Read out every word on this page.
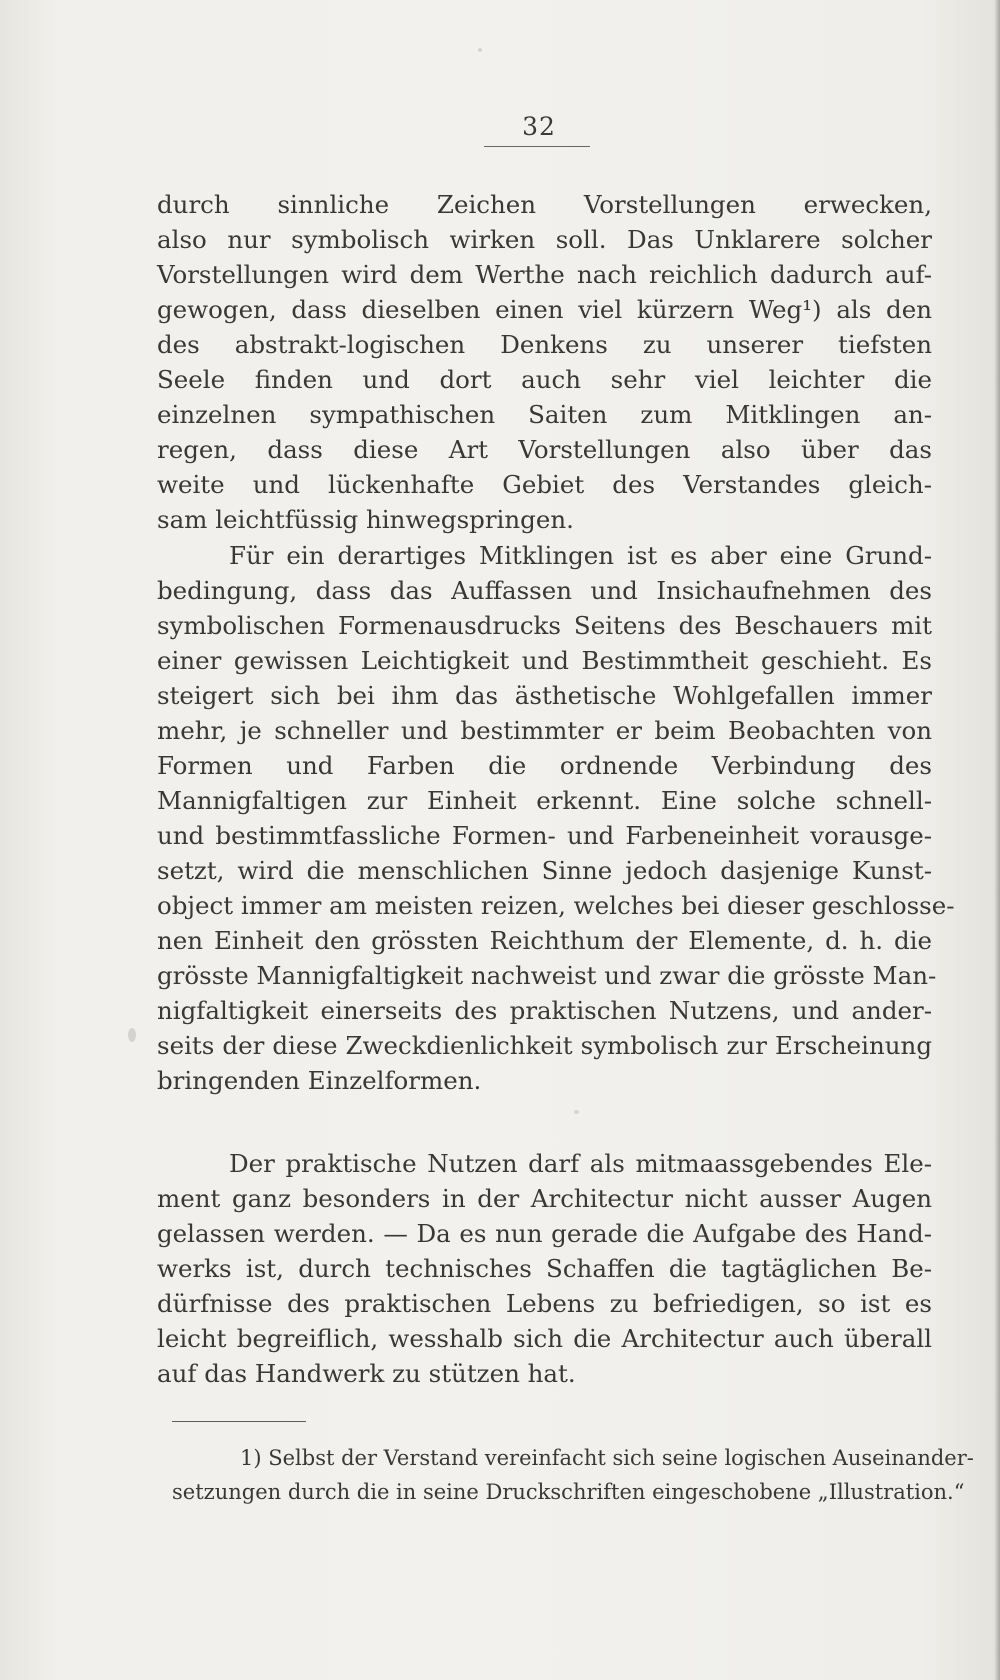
32
durch sinnliche Zeichen Vorstellungen erwecken,
also nur symbolisch wirken soll. Das Unklarere solcher
Vorstellungen wird dem Werthe nach reichlich dadurch auf-
gewogen, dass dieselben einen viel kürzern Weg¹) als den
des abstrakt-logischen Denkens zu unserer tiefsten
Seele finden und dort auch sehr viel leichter die
einzelnen sympathischen Saiten zum Mitklingen an-
regen, dass diese Art Vorstellungen also über das
weite und lückenhafte Gebiet des Verstandes gleich-
sam leichtfüssig hinwegspringen.
Für ein derartiges Mitklingen ist es aber eine Grund-
bedingung, dass das Auffassen und Insichaufnehmen des
symbolischen Formenausdrucks Seitens des Beschauers mit
einer gewissen Leichtigkeit und Bestimmtheit geschieht. Es
steigert sich bei ihm das ästhetische Wohlgefallen immer
mehr, je schneller und bestimmter er beim Beobachten von
Formen und Farben die ordnende Verbindung des
Mannigfaltigen zur Einheit erkennt. Eine solche schnell-
und bestimmtfassliche Formen- und Farbeneinheit vorausge-
setzt, wird die menschlichen Sinne jedoch dasjenige Kunst-
object immer am meisten reizen, welches bei dieser geschlosse-
nen Einheit den grössten Reichthum der Elemente, d. h. die
grösste Mannigfaltigkeit nachweist und zwar die grösste Man-
nigfaltigkeit einerseits des praktischen Nutzens, und ander-
seits der diese Zweckdienlichkeit symbolisch zur Erscheinung
bringenden Einzelformen.
Der praktische Nutzen darf als mitmaassgebendes Ele-
ment ganz besonders in der Architectur nicht ausser Augen
gelassen werden. — Da es nun gerade die Aufgabe des Hand-
werks ist, durch technisches Schaffen die tagtäglichen Be-
dürfnisse des praktischen Lebens zu befriedigen, so ist es
leicht begreiflich, wesshalb sich die Architectur auch überall
auf das Handwerk zu stützen hat.
1) Selbst der Verstand vereinfacht sich seine logischen Auseinander-
setzungen durch die in seine Druckschriften eingeschobene „Illustration.“
